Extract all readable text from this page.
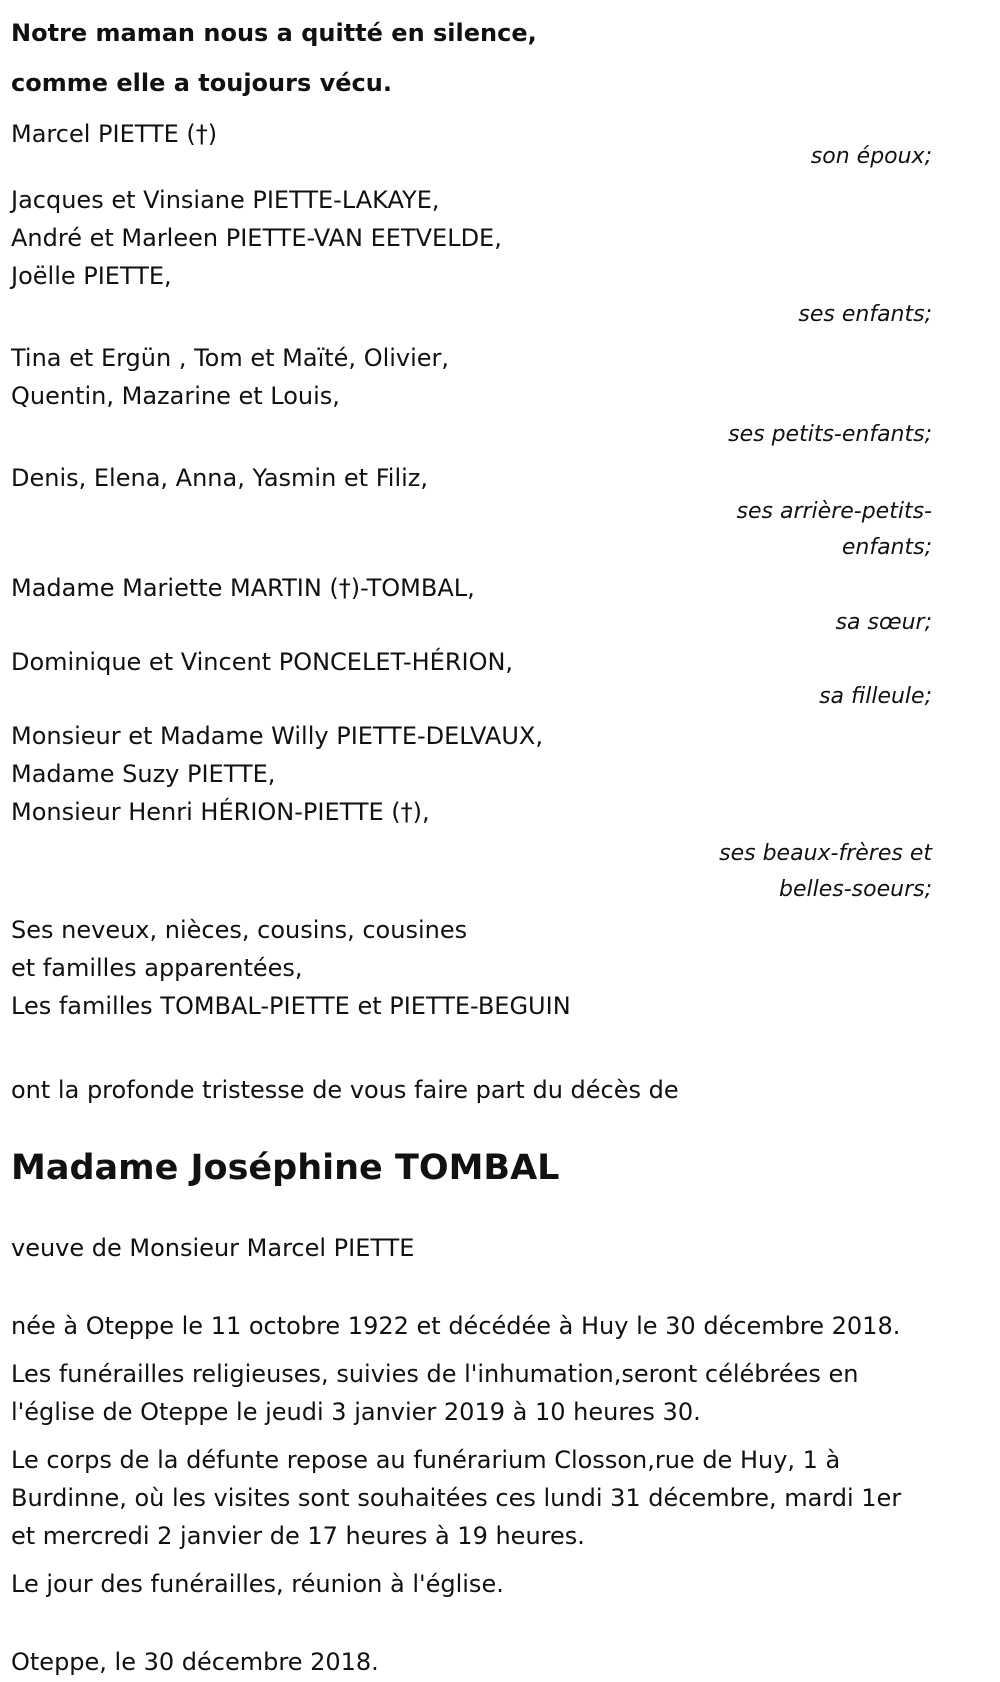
Notre maman nous a quitté en silence,
comme elle a toujours vécu.
Marcel PIETTE (†)
son époux;
Jacques et Vinsiane PIETTE-LAKAYE,
André et Marleen PIETTE-VAN EETVELDE,
Joëlle PIETTE,
ses enfants;
Tina et Ergün , Tom et Maïté, Olivier,
Quentin, Mazarine et Louis,
ses petits-enfants;
Denis, Elena, Anna, Yasmin et Filiz,
ses arrière-petits-
enfants;
Madame Mariette MARTIN (†)-TOMBAL,
sa sœur;
Dominique et Vincent PONCELET-HÉRION,
sa filleule;
Monsieur et Madame Willy PIETTE-DELVAUX,
Madame Suzy PIETTE,
Monsieur Henri HÉRION-PIETTE (†),
ses beaux-frères et
belles-soeurs;
Ses neveux, nièces, cousins, cousines
et familles apparentées,
Les familles TOMBAL-PIETTE et PIETTE-BEGUIN
ont la profonde tristesse de vous faire part du décès de
Madame Joséphine TOMBAL
veuve de Monsieur Marcel PIETTE

née à Oteppe le 11 octobre 1922 et décédée à Huy le 30 décembre 2018.

Les funérailles religieuses, suivies de l'inhumation,seront célébrées en
l'église de Oteppe le jeudi 3 janvier 2019 à 10 heures 30.

Le corps de la défunte repose au funérarium Closson,rue de Huy, 1 à
Burdinne, où les visites sont souhaitées ces lundi 31 décembre, mardi 1er
et mercredi 2 janvier de 17 heures à 19 heures.

Le jour des funérailles, réunion à l'église.

Oteppe, le 30 décembre 2018.
